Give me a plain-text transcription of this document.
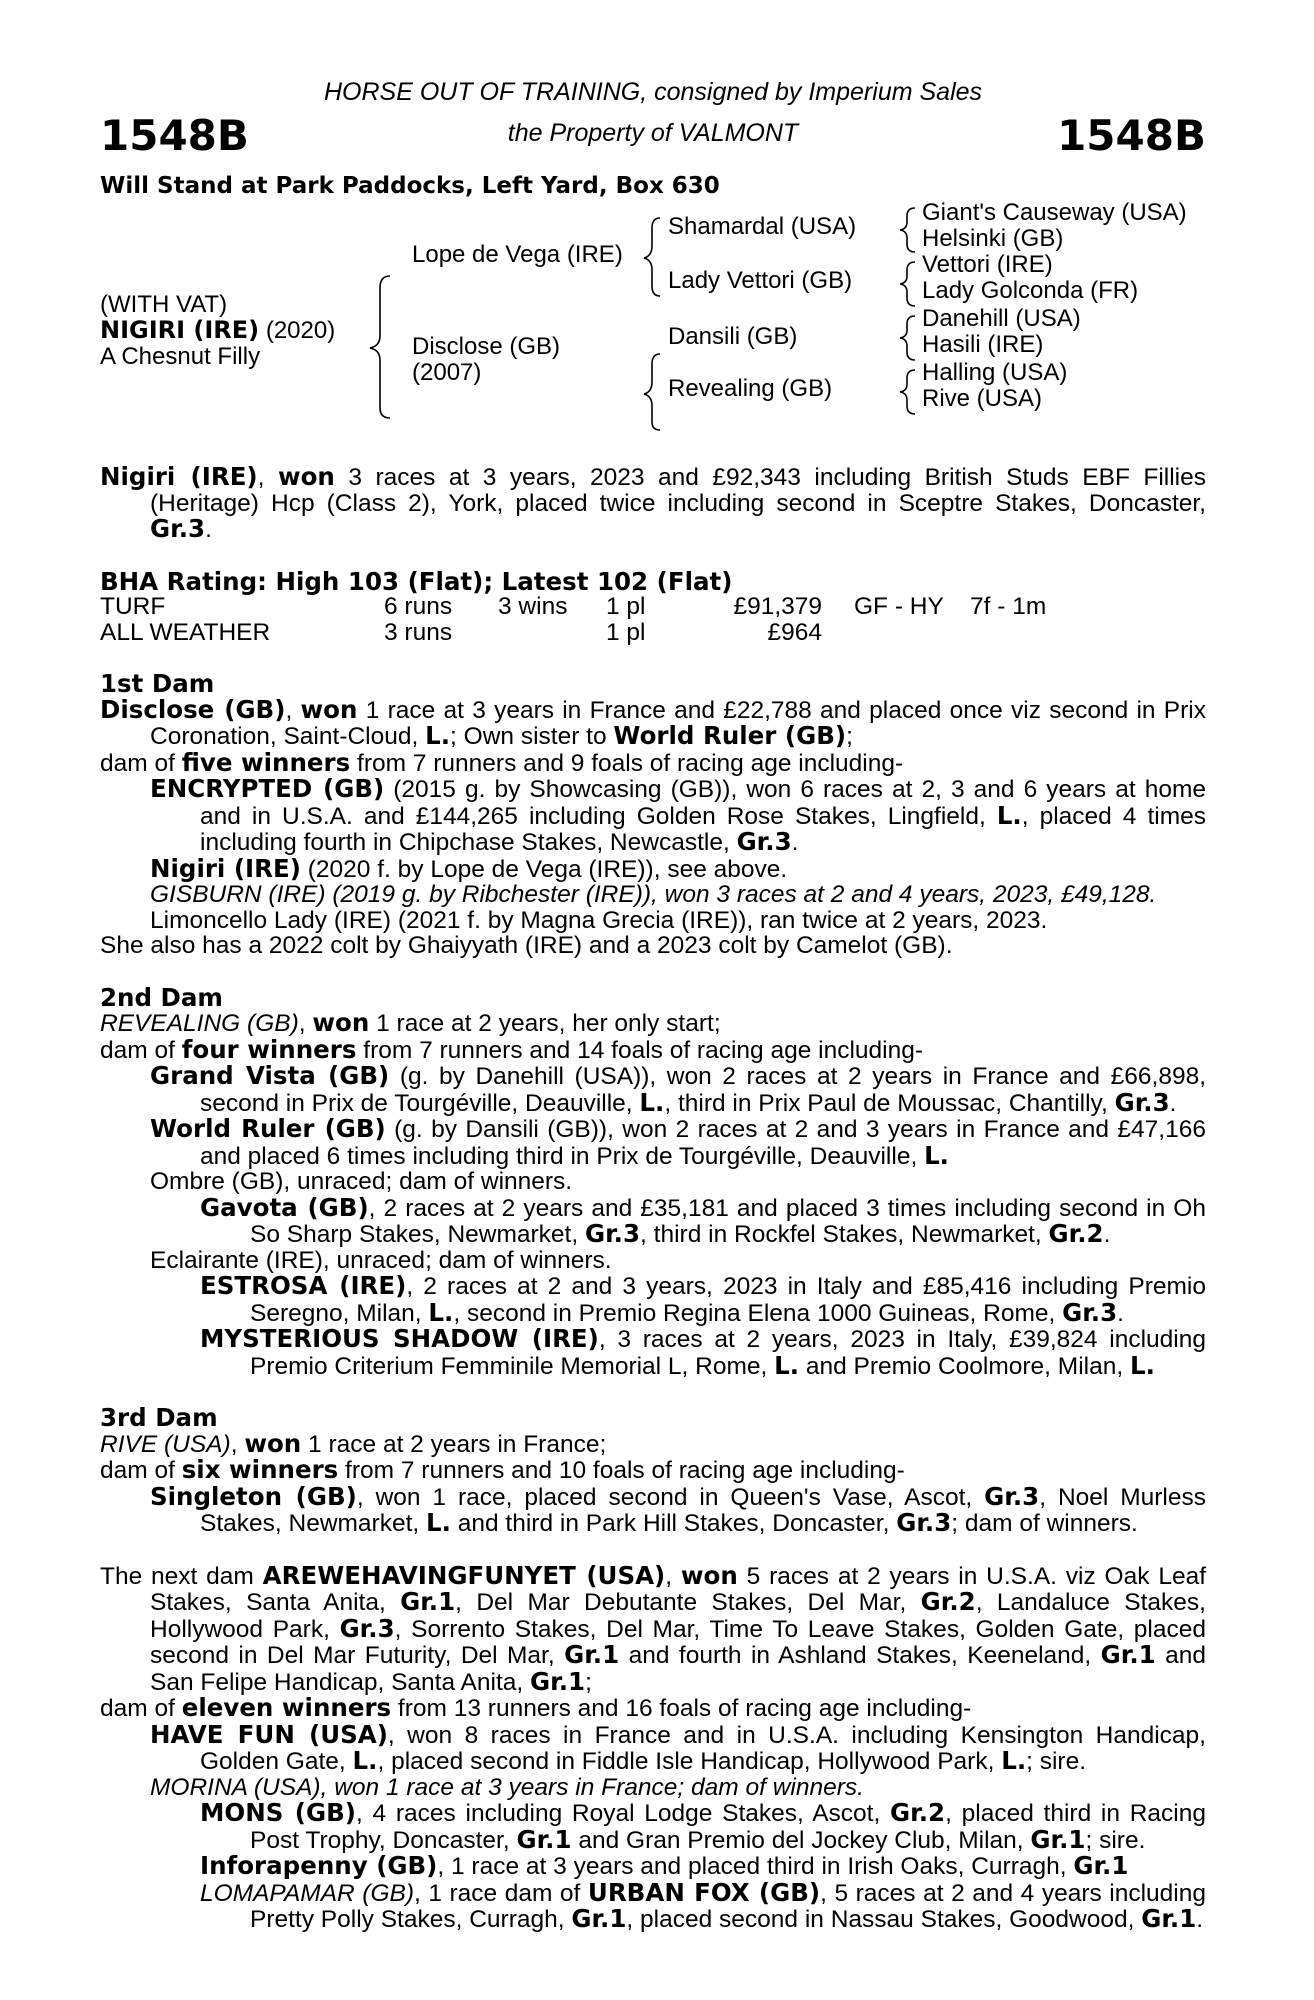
1548B	1548B
HORSE OUT OF TRAINING, consigned by Imperium Sales
the Property of VALMONT
Will Stand at Park Paddocks, Left Yard, Box 630
(WITH VAT)
NIGIRI (IRE) (2020)
A Chesnut Filly
Lope de Vega (IRE)
Disclose (GB)
(2007)
Shamardal (USA)
Lady Vettori (GB)
Dansili (GB)
Revealing (GB)
Giant's Causeway (USA)
Helsinki (GB)
Vettori (IRE)
Lady Golconda (FR)
Danehill (USA)
Hasili (IRE)
Halling (USA)
Rive (USA)
Nigiri (IRE), won 3 races at 3 years, 2023 and £92,343 including British Studs EBF Fillies (Heritage) Hcp (Class 2), York, placed twice including second in Sceptre Stakes, Doncaster, Gr.3.
BHA Rating: High 103 (Flat); Latest 102 (Flat)
TURF	6 runs	3 wins	1 pl	£91,379	GF - HY	7f - 1m
ALL WEATHER	3 runs		1 pl	£964		
1st Dam
Disclose (GB), won 1 race at 3 years in France and £22,788 and placed once viz second in Prix Coronation, Saint-Cloud, L.; Own sister to World Ruler (GB);
dam of five winners from 7 runners and 9 foals of racing age including-
ENCRYPTED (GB) (2015 g. by Showcasing (GB)), won 6 races at 2, 3 and 6 years at home and in U.S.A. and £144,265 including Golden Rose Stakes, Lingfield, L., placed 4 times including fourth in Chipchase Stakes, Newcastle, Gr.3.
Nigiri (IRE) (2020 f. by Lope de Vega (IRE)), see above.
GISBURN (IRE) (2019 g. by Ribchester (IRE)), won 3 races at 2 and 4 years, 2023, £49,128.
Limoncello Lady (IRE) (2021 f. by Magna Grecia (IRE)), ran twice at 2 years, 2023.
She also has a 2022 colt by Ghaiyyath (IRE) and a 2023 colt by Camelot (GB).
2nd Dam
REVEALING (GB), won 1 race at 2 years, her only start;
dam of four winners from 7 runners and 14 foals of racing age including-
Grand Vista (GB) (g. by Danehill (USA)), won 2 races at 2 years in France and £66,898, second in Prix de Tourgéville, Deauville, L., third in Prix Paul de Moussac, Chantilly, Gr.3.
World Ruler (GB) (g. by Dansili (GB)), won 2 races at 2 and 3 years in France and £47,166 and placed 6 times including third in Prix de Tourgéville, Deauville, L.
Ombre (GB), unraced; dam of winners.
Gavota (GB), 2 races at 2 years and £35,181 and placed 3 times including second in Oh So Sharp Stakes, Newmarket, Gr.3, third in Rockfel Stakes, Newmarket, Gr.2.
Eclairante (IRE), unraced; dam of winners.
ESTROSA (IRE), 2 races at 2 and 3 years, 2023 in Italy and £85,416 including Premio Seregno, Milan, L., second in Premio Regina Elena 1000 Guineas, Rome, Gr.3.
MYSTERIOUS SHADOW (IRE), 3 races at 2 years, 2023 in Italy, £39,824 including Premio Criterium Femminile Memorial L, Rome, L. and Premio Coolmore, Milan, L.
3rd Dam
RIVE (USA), won 1 race at 2 years in France;
dam of six winners from 7 runners and 10 foals of racing age including-
Singleton (GB), won 1 race, placed second in Queen's Vase, Ascot, Gr.3, Noel Murless Stakes, Newmarket, L. and third in Park Hill Stakes, Doncaster, Gr.3; dam of winners.
The next dam AREWEHAVINGFUNYET (USA), won 5 races at 2 years in U.S.A. viz Oak Leaf Stakes, Santa Anita, Gr.1, Del Mar Debutante Stakes, Del Mar, Gr.2, Landaluce Stakes, Hollywood Park, Gr.3, Sorrento Stakes, Del Mar, Time To Leave Stakes, Golden Gate, placed second in Del Mar Futurity, Del Mar, Gr.1 and fourth in Ashland Stakes, Keeneland, Gr.1 and San Felipe Handicap, Santa Anita, Gr.1;
dam of eleven winners from 13 runners and 16 foals of racing age including-
HAVE FUN (USA), won 8 races in France and in U.S.A. including Kensington Handicap, Golden Gate, L., placed second in Fiddle Isle Handicap, Hollywood Park, L.; sire.
MORINA (USA), won 1 race at 3 years in France; dam of winners.
MONS (GB), 4 races including Royal Lodge Stakes, Ascot, Gr.2, placed third in Racing Post Trophy, Doncaster, Gr.1 and Gran Premio del Jockey Club, Milan, Gr.1; sire.
Inforapenny (GB), 1 race at 3 years and placed third in Irish Oaks, Curragh, Gr.1
LOMAPAMAR (GB), 1 race dam of URBAN FOX (GB), 5 races at 2 and 4 years including Pretty Polly Stakes, Curragh, Gr.1, placed second in Nassau Stakes, Goodwood, Gr.1.
